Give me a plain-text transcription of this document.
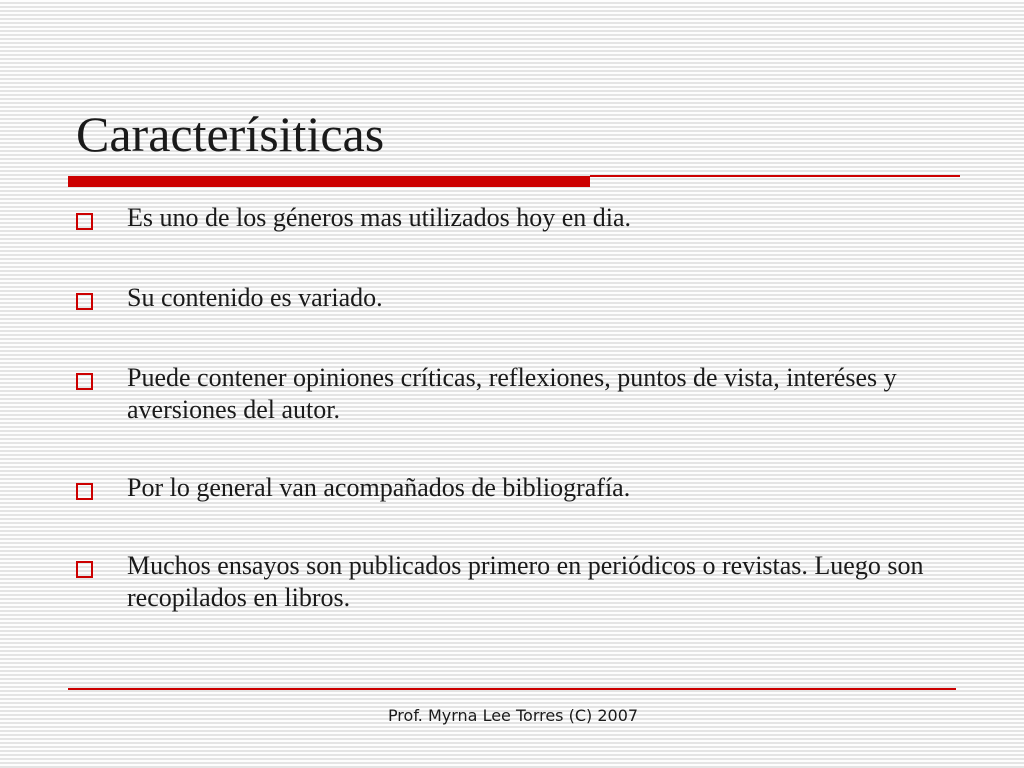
Caracterísiticas
Es uno de los géneros mas utilizados hoy en dia.
Su contenido es variado.
Puede contener opiniones críticas, reflexiones, puntos de vista, interéses y aversiones del autor.
Por lo general van acompañados de bibliografía.
Muchos ensayos son publicados primero en periódicos o revistas. Luego son recopilados en libros.
Prof. Myrna Lee Torres (C) 2007
